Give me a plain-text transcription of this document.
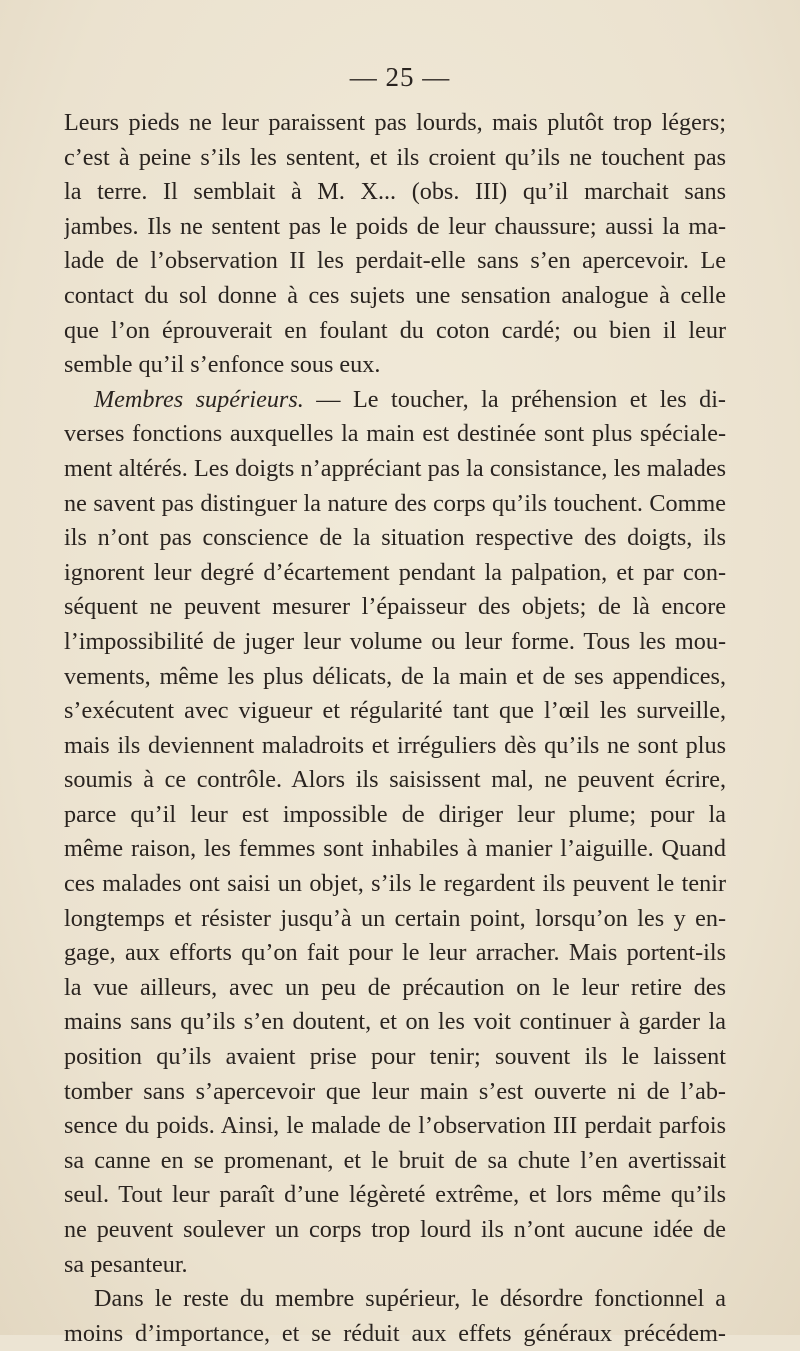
— 25 —
Leurs pieds ne leur paraissent pas lourds, mais plutôt trop légers;
c’est à peine s’ils les sentent, et ils croient qu’ils ne touchent pas
la terre. Il semblait à M. X... (obs. III) qu’il marchait sans
jambes. Ils ne sentent pas le poids de leur chaussure; aussi la ma-
lade de l’observation II les perdait-elle sans s’en apercevoir. Le
contact du sol donne à ces sujets une sensation analogue à celle
que l’on éprouverait en foulant du coton cardé; ou bien il leur
semble qu’il s’enfonce sous eux.
Membres supérieurs. — Le toucher, la préhension et les di-
verses fonctions auxquelles la main est destinée sont plus spéciale-
ment altérés. Les doigts n’appréciant pas la consistance, les malades
ne savent pas distinguer la nature des corps qu’ils touchent. Comme
ils n’ont pas conscience de la situation respective des doigts, ils
ignorent leur degré d’écartement pendant la palpation, et par con-
séquent ne peuvent mesurer l’épaisseur des objets; de là encore
l’impossibilité de juger leur volume ou leur forme. Tous les mou-
vements, même les plus délicats, de la main et de ses appendices,
s’exécutent avec vigueur et régularité tant que l’œil les surveille,
mais ils deviennent maladroits et irréguliers dès qu’ils ne sont plus
soumis à ce contrôle. Alors ils saisissent mal, ne peuvent écrire,
parce qu’il leur est impossible de diriger leur plume; pour la
même raison, les femmes sont inhabiles à manier l’aiguille. Quand
ces malades ont saisi un objet, s’ils le regardent ils peuvent le tenir
longtemps et résister jusqu’à un certain point, lorsqu’on les y en-
gage, aux efforts qu’on fait pour le leur arracher. Mais portent-ils
la vue ailleurs, avec un peu de précaution on le leur retire des
mains sans qu’ils s’en doutent, et on les voit continuer à garder la
position qu’ils avaient prise pour tenir; souvent ils le laissent
tomber sans s’apercevoir que leur main s’est ouverte ni de l’ab-
sence du poids. Ainsi, le malade de l’observation III perdait parfois
sa canne en se promenant, et le bruit de sa chute l’en avertissait
seul. Tout leur paraît d’une légèreté extrême, et lors même qu’ils
ne peuvent soulever un corps trop lourd ils n’ont aucune idée de
sa pesanteur.
Dans le reste du membre supérieur, le désordre fonctionnel a
moins d’importance, et se réduit aux effets généraux précédem-
